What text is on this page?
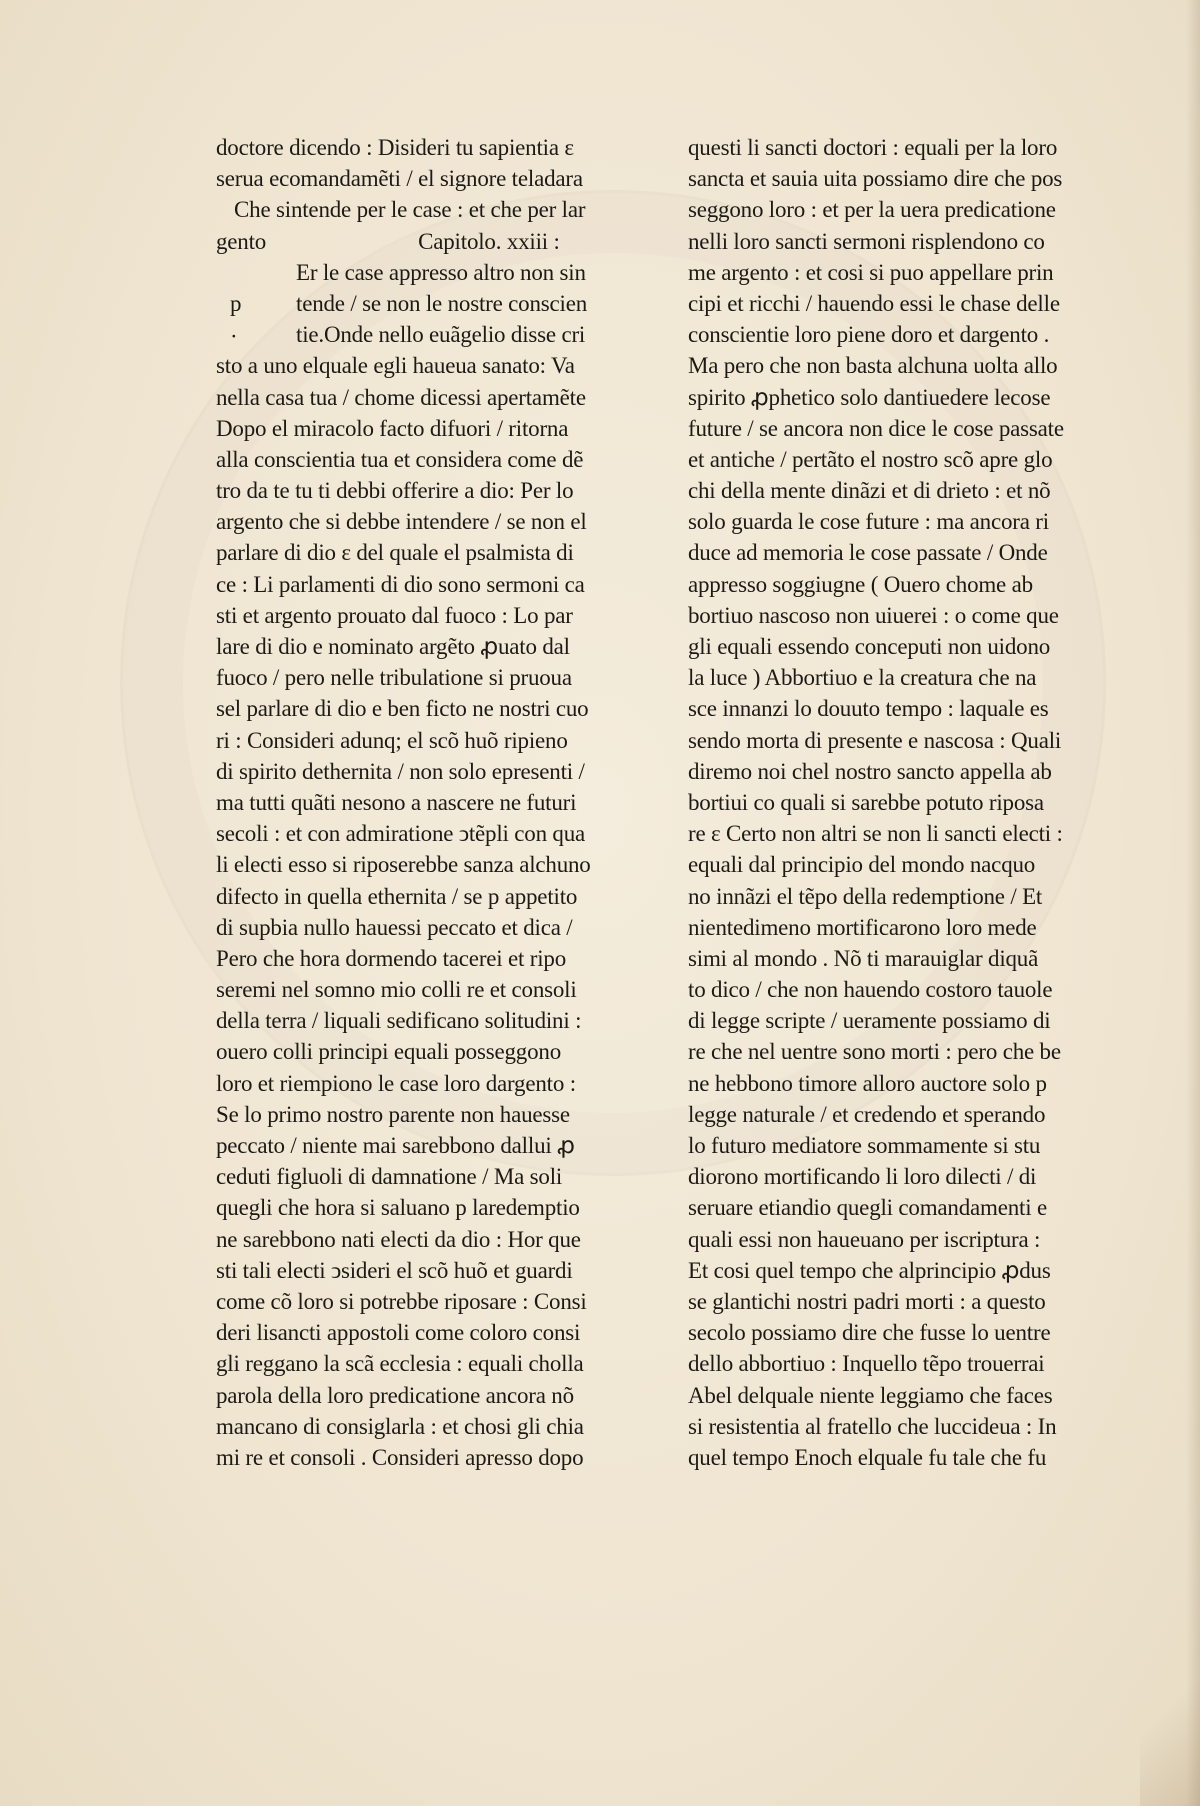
doctore dicendo : Disideri tu sapientia ε
serua ecomandamẽti / el signore teladara
Che sintende per le case : et che per lar
gento	Capitolo. xxiii :
Er le case appresso altro non sin
p tende / se non le nostre conscien
·	tie.Onde nello euãgelio disse cri
sto a uno elquale egli haueua sanato: Va
nella casa tua / chome dicessi apertamẽte
Dopo el miracolo facto difuori / ritorna
alla conscientia tua et considera come dẽ
tro da te tu ti debbi offerire a dio: Per lo
argento che si debbe intendere / se non el
parlare di dio ε del quale el psalmista di
ce : Li parlamenti di dio sono sermoni ca
sti et argento prouato dal fuoco : Lo par
lare di dio e nominato argẽto ꝓuato dal
fuoco / pero nelle tribulatione si pruoua
sel parlare di dio e ben ficto ne nostri cuo
ri : Consideri adunq; el scõ huõ ripieno
di spirito dethernita / non solo epresenti /
ma tutti quãti nesono a nascere ne futuri
secoli : et con admiratione ↄtẽpli con qua
li electi esso si riposerebbe sanza alchuno
difecto in quella ethernita / se p appetito
di supbia nullo hauessi peccato et dica /
Pero che hora dormendo tacerei et ripo
seremi nel somno mio colli re et consoli
della terra / liquali sedificano solitudini :
ouero colli principi equali posseggono
loro et riempiono le case loro dargento :
Se lo primo nostro parente non hauesse
peccato / niente mai sarebbono dallui ꝓ
ceduti figluoli di damnatione / Ma soli
quegli che hora si saluano p laredemptio
ne sarebbono nati electi da dio : Hor que
sti tali electi ↄsideri el scõ huõ et guardi
come cõ loro si potrebbe riposare : Consi
deri lisancti appostoli come coloro consi
gli reggano la scã ecclesia : equali cholla
parola della loro predicatione ancora nõ
mancano di consiglarla : et chosi gli chia
mi re et consoli . Consideri apresso dopo
questi li sancti doctori : equali per la loro
sancta et sauia uita possiamo dire che pos
seggono loro : et per la uera predicatione
nelli loro sancti sermoni risplendono co
me argento : et cosi si puo appellare prin
cipi et ricchi / hauendo essi le chase delle
conscientie loro piene doro et dargento .
Ma pero che non basta alchuna uolta allo
spirito ꝓphetico solo dantiuedere lecose
future / se ancora non dice le cose passate
et antiche / pertãto el nostro scõ apre glo
chi della mente dinãzi et di drieto : et nõ
solo guarda le cose future : ma ancora ri
duce ad memoria le cose passate / Onde
appresso soggiugne ( Ouero chome ab
bortiuo nascoso non uiuerei : o come que
gli equali essendo conceputi non uidono
la luce ) Abbortiuo e la creatura che na
sce innanzi lo douuto tempo : laquale es
sendo morta di presente e nascosa : Quali
diremo noi chel nostro sancto appella ab
bortiui co quali si sarebbe potuto riposa
re ε Certo non altri se non li sancti electi :
equali dal principio del mondo nacquo
no innãzi el tẽpo della redemptione / Et
nientedimeno mortificarono loro mede
simi al mondo . Nõ ti marauiglar diquã
to dico / che non hauendo costoro tauole
di legge scripte / ueramente possiamo di
re che nel uentre sono morti : pero che be
ne hebbono timore alloro auctore solo p
legge naturale / et credendo et sperando
lo futuro mediatore sommamente si stu
diorono mortificando li loro dilecti / di
seruare etiandio quegli comandamenti e
quali essi non haueuano per iscriptura :
Et cosi quel tempo che alprincipio ꝓdus
se glantichi nostri padri morti : a questo
secolo possiamo dire che fusse lo uentre
dello abbortiuo : Inquello tẽpo trouerrai
Abel delquale niente leggiamo che faces
si resistentia al fratello che luccideua : In
quel tempo Enoch elquale fu tale che fu
